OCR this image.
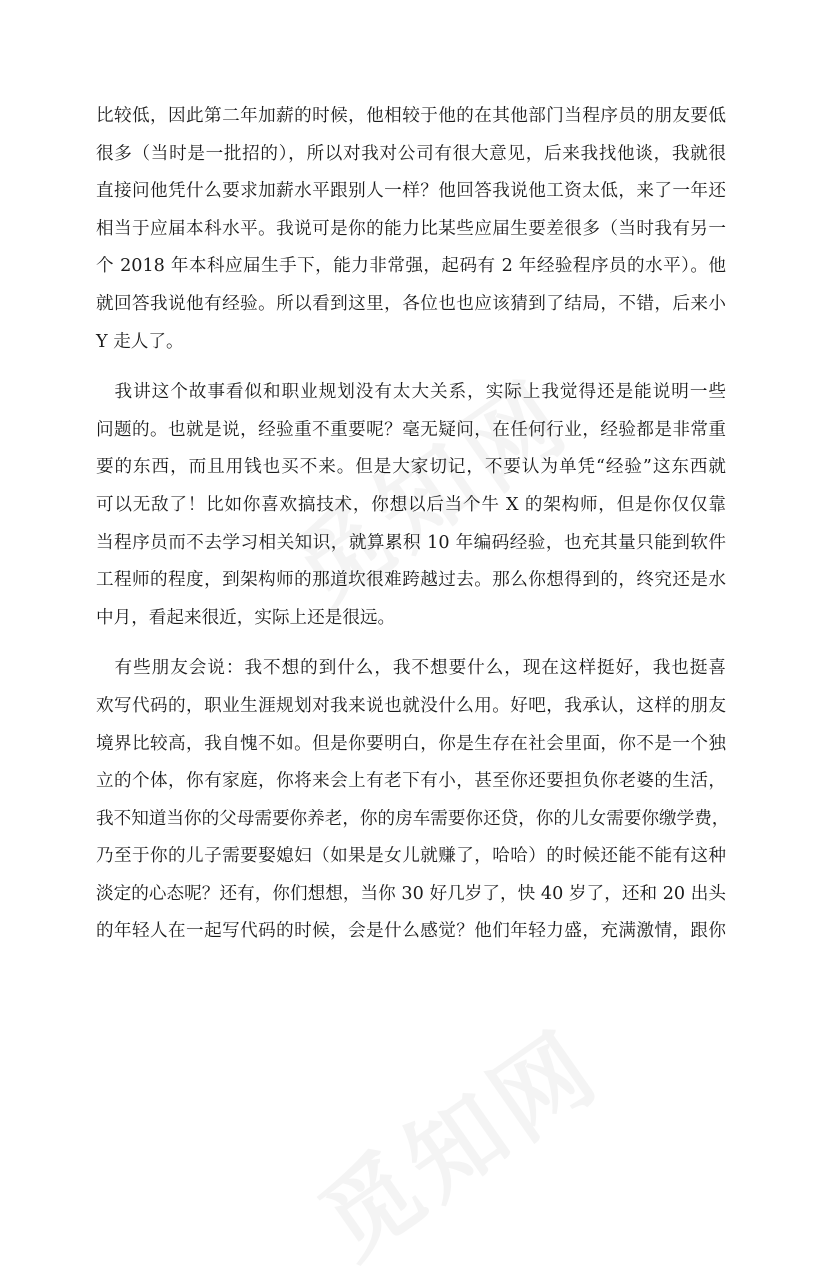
比较低，因此第二年加薪的时候，他相较于他的在其他部门当程序员的朋友要低
很多（当时是一批招的），所以对我对公司有很大意见，后来我找他谈，我就很
直接问他凭什么要求加薪水平跟别人一样？他回答我说他工资太低，来了一年还
相当于应届本科水平。我说可是你的能力比某些应届生要差很多（当时我有另一
个 2018 年本科应届生手下，能力非常强，起码有 2 年经验程序员的水平）。他
就回答我说他有经验。所以看到这里，各位也也应该猜到了结局，不错，后来小
Y 走人了。
　我讲这个故事看似和职业规划没有太大关系，实际上我觉得还是能说明一些
问题的。也就是说，经验重不重要呢？毫无疑问，在任何行业，经验都是非常重
要的东西，而且用钱也买不来。但是大家切记，不要认为单凭“经验”这东西就
可以无敌了！比如你喜欢搞技术，你想以后当个牛 X 的架构师，但是你仅仅靠
当程序员而不去学习相关知识，就算累积 10 年编码经验，也充其量只能到软件
工程师的程度，到架构师的那道坎很难跨越过去。那么你想得到的，终究还是水
中月，看起来很近，实际上还是很远。
　有些朋友会说：我不想的到什么，我不想要什么，现在这样挺好，我也挺喜
欢写代码的，职业生涯规划对我来说也就没什么用。好吧，我承认，这样的朋友
境界比较高，我自愧不如。但是你要明白，你是生存在社会里面，你不是一个独
立的个体，你有家庭，你将来会上有老下有小，甚至你还要担负你老婆的生活，
我不知道当你的父母需要你养老，你的房车需要你还贷，你的儿女需要你缴学费，
乃至于你的儿子需要娶媳妇（如果是女儿就赚了，哈哈）的时候还能不能有这种
淡定的心态呢？还有，你们想想，当你 30 好几岁了，快 40 岁了，还和 20 出头
的年轻人在一起写代码的时候，会是什么感觉？他们年轻力盛，充满激情，跟你
